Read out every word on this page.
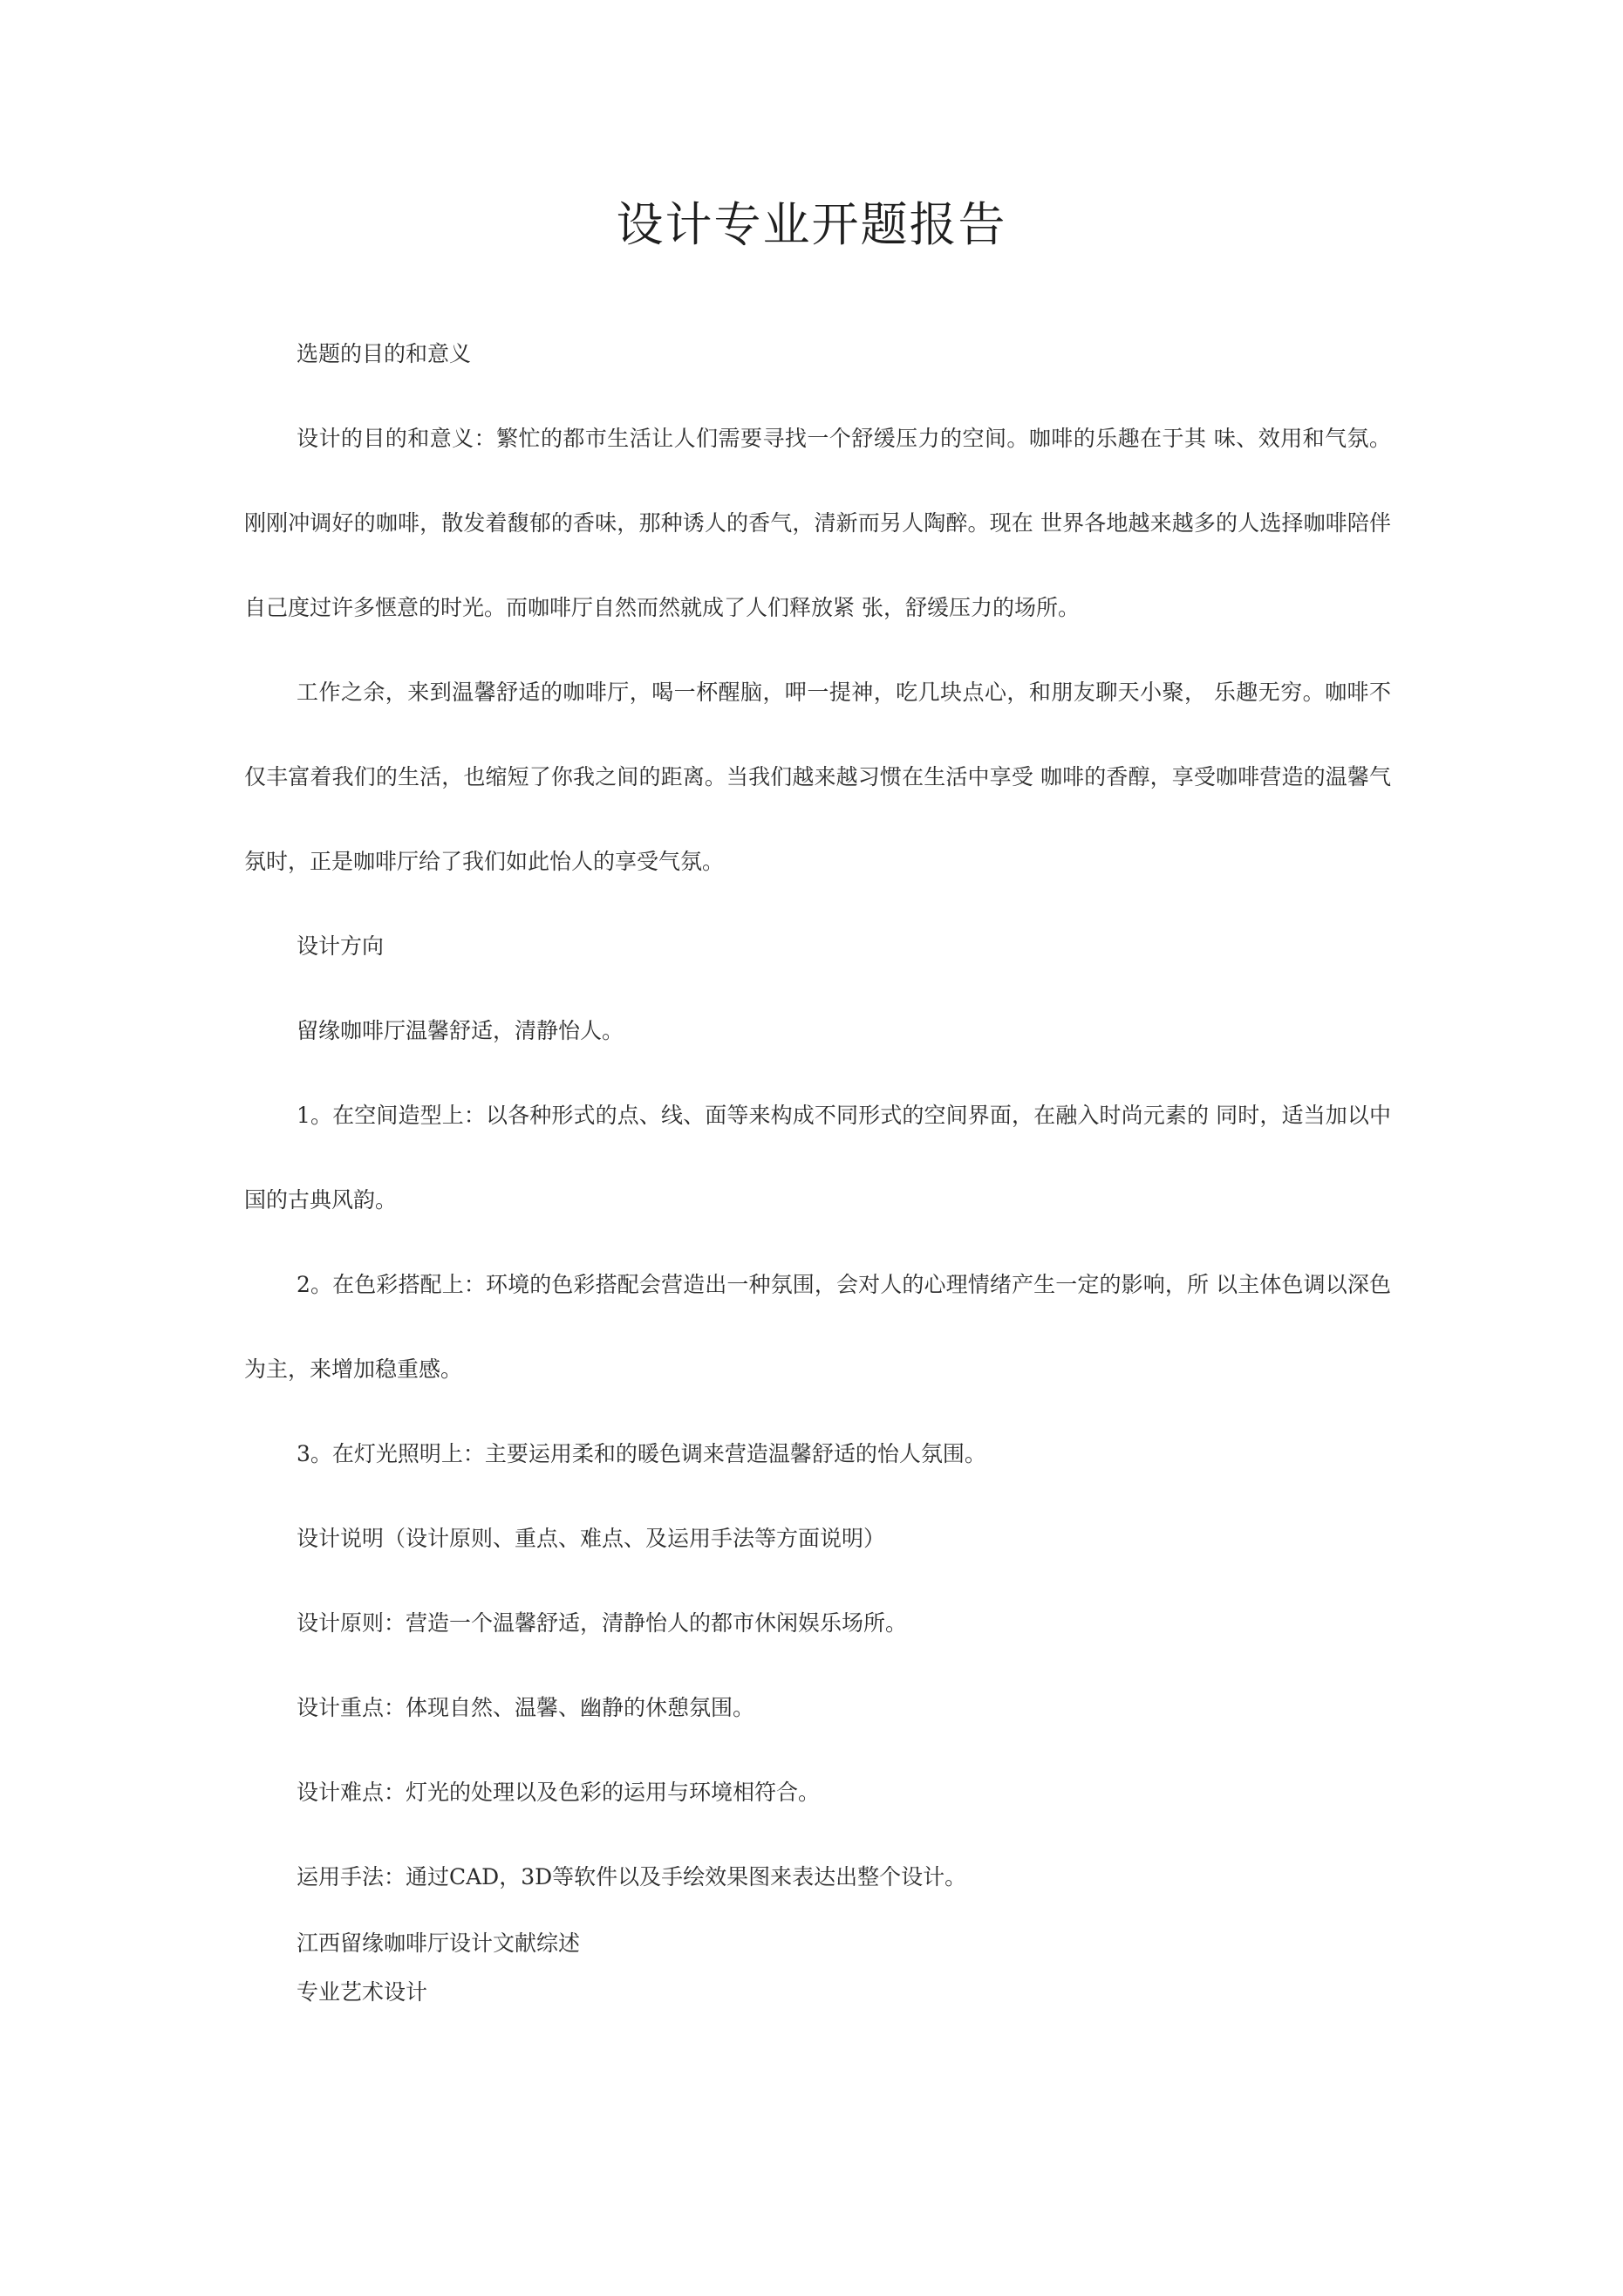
设计专业开题报告

选题的目的和意义

设计的目的和意义：繁忙的都市生活让人们需要寻找一个舒缓压力的空间。咖啡的乐趣在于其 味、效用和气氛。刚刚冲调好的咖啡，散发着馥郁的香味，那种诱人的香气，清新而另人陶醉。现在 世界各地越来越多的人选择咖啡陪伴自己度过许多惬意的时光。而咖啡厅自然而然就成了人们释放紧 张，舒缓压力的场所。

工作之余，来到温馨舒适的咖啡厅，喝一杯醒脑，呷一提神，吃几块点心，和朋友聊天小聚， 乐趣无穷。咖啡不仅丰富着我们的生活，也缩短了你我之间的距离。当我们越来越习惯在生活中享受 咖啡的香醇，享受咖啡营造的温馨气氛时，正是咖啡厅给了我们如此怡人的享受气氛。

设计方向

留缘咖啡厅温馨舒适，清静怡人。

1。在空间造型上：以各种形式的点、线、面等来构成不同形式的空间界面，在融入时尚元素的 同时，适当加以中国的古典风韵。

2。在色彩搭配上：环境的色彩搭配会营造出一种氛围，会对人的心理情绪产生一定的影响，所 以主体色调以深色为主，来增加稳重感。

3。在灯光照明上：主要运用柔和的暖色调来营造温馨舒适的怡人氛围。

设计说明（设计原则、重点、难点、及运用手法等方面说明）

设计原则：营造一个温馨舒适，清静怡人的都市休闲娱乐场所。

设计重点：体现自然、温馨、幽静的休憩氛围。

设计难点：灯光的处理以及色彩的运用与环境相符合。

运用手法：通过CAD，3D等软件以及手绘效果图来表达出整个设计。

江西留缘咖啡厅设计文献综述

专业艺术设计
